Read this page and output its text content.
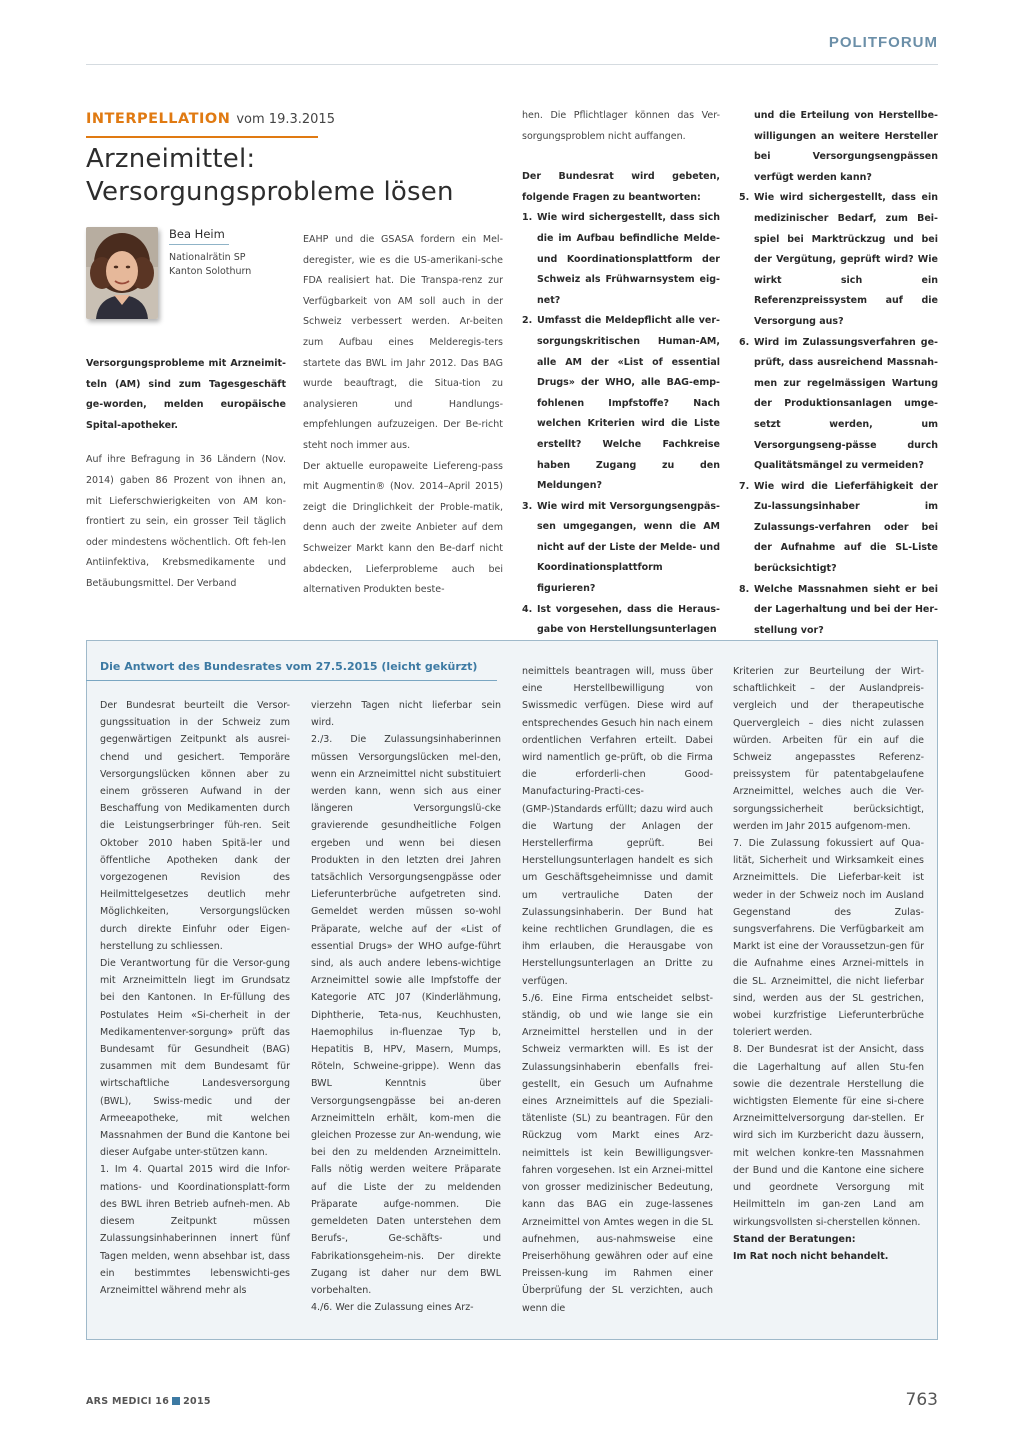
POLITFORUM
INTERPELLATION vom 19.3.2015
Arzneimittel:
Versorgungsprobleme lösen
Bea Heim
Nationalrätin SP
Kanton Solothurn

Versorgungsprobleme mit Arzneimit-teln (AM) sind zum Tagesgeschäft ge-worden, melden europäische Spital-apotheker.

Auf ihre Befragung in 36 Ländern (Nov. 2014) gaben 86 Prozent von ihnen an, mit Lieferschwierigkeiten von AM kon-frontiert zu sein, ein grosser Teil täglich oder mindestens wöchentlich. Oft feh-len Antiinfektiva, Krebsmedikamente und Betäubungsmittel. Der Verband

EAHP und die GSASA fordern ein Mel-deregister, wie es die US-amerikani-sche FDA realisiert hat. Die Transpa-renz zur Verfügbarkeit von AM soll auch in der Schweiz verbessert werden. Ar-beiten zum Aufbau eines Melderegis-ters startete das BWL im Jahr 2012. Das BAG wurde beauftragt, die Situa-tion zu analysieren und Handlungs-empfehlungen aufzuzeigen. Der Be-richt steht noch immer aus.

Der aktuelle europaweite Liefereng-pass mit Augmentin® (Nov. 2014–April 2015) zeigt die Dringlichkeit der Proble-matik, denn auch der zweite Anbieter auf dem Schweizer Markt kann den Be-darf nicht abdecken, Lieferprobleme auch bei alternativen Produkten beste-

hen. Die Pflichtlager können das Ver-sorgungsproblem nicht auffangen.

Der Bundesrat wird gebeten, folgende Fragen zu beantworten:

1. Wie wird sichergestellt, dass sich die im Aufbau befindliche Melde- und Koordinationsplattform der Schweiz als Frühwarnsystem eig-net?
2. Umfasst die Meldepflicht alle ver-sorgungskritischen Human-AM, alle AM der «List of essential Drugs» der WHO, alle BAG-emp-fohlenen Impfstoffe? Nach welchen Kriterien wird die Liste erstellt? Welche Fachkreise haben Zugang zu den Meldungen?
3. Wie wird mit Versorgungsengpäs-sen umgegangen, wenn die AM nicht auf der Liste der Melde- und Koordinationsplattform figurieren?
4. Ist vorgesehen, dass die Heraus-gabe von Herstellungsunterlagen
und die Erteilung von Herstellbe-willigungen an weitere Hersteller bei Versorgungsengpässen verfügt werden kann?
5. Wie wird sichergestellt, dass ein medizinischer Bedarf, zum Bei-spiel bei Marktrückzug und bei der Vergütung, geprüft wird? Wie wirkt sich ein Referenzpreissystem auf die Versorgung aus?
6. Wird im Zulassungsverfahren ge-prüft, dass ausreichend Massnah-men zur regelmässigen Wartung der Produktionsanlagen umge-setzt werden, um Versorgungseng-pässe durch Qualitätsmängel zu vermeiden?
7. Wie wird die Lieferfähigkeit der Zu-lassungsinhaber im Zulassungs-verfahren oder bei der Aufnahme auf die SL-Liste berücksichtigt?
8. Welche Massnahmen sieht er bei der Lagerhaltung und bei der Her-stellung vor?
Die Antwort des Bundesrates vom 27.5.2015 (leicht gekürzt)

Der Bundesrat beurteilt die Versor-gungssituation in der Schweiz zum gegenwärtigen Zeitpunkt als ausrei-chend und gesichert. Temporäre Versorgungslücken können aber zu einem grösseren Aufwand in der Beschaffung von Medikamenten durch die Leistungserbringer füh-ren. Seit Oktober 2010 haben Spitä-ler und öffentliche Apotheken dank der vorgezogenen Revision des Heilmittelgesetzes deutlich mehr Möglichkeiten, Versorgungslücken durch direkte Einfuhr oder Eigen-herstellung zu schliessen.

Die Verantwortung für die Versor-gung mit Arzneimitteln liegt im Grundsatz bei den Kantonen. In Er-füllung des Postulates Heim «Si-cherheit in der Medikamentenver-sorgung» prüft das Bundesamt für Gesundheit (BAG) zusammen mit dem Bundesamt für wirtschaftliche Landesversorgung (BWL), Swiss-medic und der Armeeapotheke, mit welchen Massnahmen der Bund die Kantone bei dieser Aufgabe unter-stützen kann.

1. Im 4. Quartal 2015 wird die Infor-mations- und Koordinationsplatt-form des BWL ihren Betrieb aufneh-men. Ab diesem Zeitpunkt müssen Zulassungsinhaberinnen innert fünf Tagen melden, wenn absehbar ist, dass ein bestimmtes lebenswichti-ges Arzneimittel während mehr als

vierzehn Tagen nicht lieferbar sein wird.

2./3. Die Zulassungsinhaberinnen müssen Versorgungslücken mel-den, wenn ein Arzneimittel nicht substituiert werden kann, wenn sich aus einer längeren Versorgungslü-cke gravierende gesundheitliche Folgen ergeben und wenn bei diesen Produkten in den letzten drei Jahren tatsächlich Versorgungsengpässe oder Lieferunterbrüche aufgetreten sind. Gemeldet werden müssen so-wohl Präparate, welche auf der «List of essential Drugs» der WHO aufge-führt sind, als auch andere lebens-wichtige Arzneimittel sowie alle Impfstoffe der Kategorie ATC J07 (Kinderlähmung, Diphtherie, Teta-nus, Keuchhusten, Haemophilus in-fluenzae Typ b, Hepatitis B, HPV, Masern, Mumps, Röteln, Schweine-grippe). Wenn das BWL Kenntnis über Versorgungsengpässe bei an-deren Arzneimitteln erhält, kom-men die gleichen Prozesse zur An-wendung, wie bei den zu meldenden Arzneimitteln. Falls nötig werden weitere Präparate auf die Liste der zu meldenden Präparate aufge-nommen. Die gemeldeten Daten unterstehen dem Berufs-, Ge-schäfts- und Fabrikationsgeheim-nis. Der direkte Zugang ist daher nur dem BWL vorbehalten.

4./6. Wer die Zulassung eines Arz-

neimittels beantragen will, muss über eine Herstellbewilligung von Swissmedic verfügen. Diese wird auf entsprechendes Gesuch hin nach einem ordentlichen Verfahren erteilt. Dabei wird namentlich ge-prüft, ob die Firma die erforderli-chen Good-Manufacturing-Practi-ces-(GMP-)Standards erfüllt; dazu wird auch die Wartung der Anlagen der Herstellerfirma geprüft. Bei Herstellungsunterlagen handelt es sich um Geschäftsgeheimnisse und damit um vertrauliche Daten der Zulassungsinhaberin. Der Bund hat keine rechtlichen Grundlagen, die es ihm erlauben, die Herausgabe von Herstellungsunterlagen an Dritte zu verfügen.

5./6. Eine Firma entscheidet selbst-ständig, ob und wie lange sie ein Arzneimittel herstellen und in der Schweiz vermarkten will. Es ist der Zulassungsinhaberin ebenfalls frei-gestellt, ein Gesuch um Aufnahme eines Arzneimittels auf die Speziali-tätenliste (SL) zu beantragen. Für den Rückzug vom Markt eines Arz-neimittels ist kein Bewilligungsver-fahren vorgesehen. Ist ein Arznei-mittel von grosser medizinischer Bedeutung, kann das BAG ein zuge-lassenes Arzneimittel von Amtes wegen in die SL aufnehmen, aus-nahmsweise eine Preiserhöhung gewähren oder auf eine Preissen-kung im Rahmen einer Überprüfung der SL verzichten, auch wenn die

Kriterien zur Beurteilung der Wirt-schaftlichkeit – der Auslandpreis-vergleich und der therapeutische Quervergleich – dies nicht zulassen würden. Arbeiten für ein auf die Schweiz angepasstes Referenz-preissystem für patentabgelaufene Arzneimittel, welches auch die Ver-sorgungssicherheit berücksichtigt, werden im Jahr 2015 aufgenom-men.

7. Die Zulassung fokussiert auf Qua-lität, Sicherheit und Wirksamkeit eines Arzneimittels. Die Lieferbar-keit ist weder in der Schweiz noch im Ausland Gegenstand des Zulas-sungsverfahrens. Die Verfügbarkeit am Markt ist eine der Voraussetzun-gen für die Aufnahme eines Arznei-mittels in die SL. Arzneimittel, die nicht lieferbar sind, werden aus der SL gestrichen, wobei kurzfristige Lieferunterbrüche toleriert werden.

8. Der Bundesrat ist der Ansicht, dass die Lagerhaltung auf allen Stu-fen sowie die dezentrale Herstellung die wichtigsten Elemente für eine si-chere Arzneimittelversorgung dar-stellen. Er wird sich im Kurzbericht dazu äussern, mit welchen konkre-ten Massnahmen der Bund und die Kantone eine sichere und geordnete Versorgung mit Heilmitteln im gan-zen Land am wirkungsvollsten si-cherstellen können.

Stand der Beratungen:

Im Rat noch nicht behandelt.

ARS MEDICI 16 2015	763
